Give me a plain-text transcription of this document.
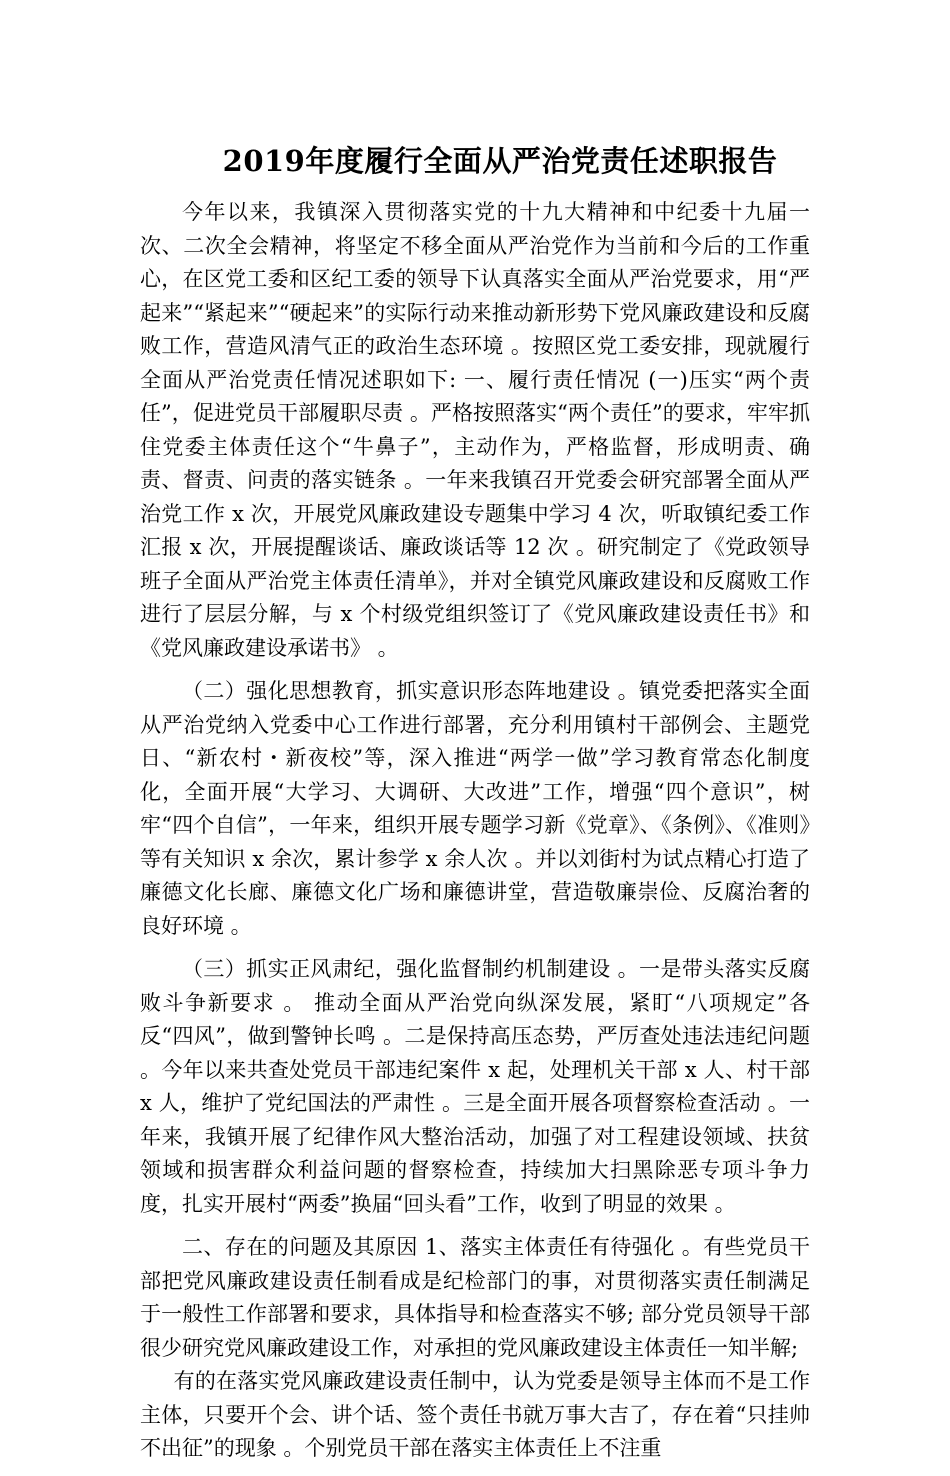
2019年度履行全面从严治党责任述职报告

今年以来，我镇深入贯彻落实党的十九大精神和中纪委十九届一次、二次全会精神，将坚定不移全面从严治党作为当前和今后的工作重心，在区党工委和区纪工委的领导下认真落实全面从严治党要求，用“严起来”“紧起来”“硬起来”的实际行动来推动新形势下党风廉政建设和反腐败工作，营造风清气正的政治生态环境 。按照区党工委安排，现就履行全面从严治党责任情况述职如下: 一、履行责任情况 (一)压实“两个责任”，促进党员干部履职尽责 。严格按照落实“两个责任”的要求，牢牢抓住党委主体责任这个“牛鼻子”，主动作为，严格监督，形成明责、确责、督责、问责的落实链条 。一年来我镇召开党委会研究部署全面从严治党工作 x 次，开展党风廉政建设专题集中学习 4 次，听取镇纪委工作汇报 x 次，开展提醒谈话、廉政谈话等 12 次 。研究制定了《党政领导班子全面从严治党主体责任清单》，并对全镇党风廉政建设和反腐败工作进行了层层分解，与 x 个村级党组织签订了《党风廉政建设责任书》和《党风廉政建设承诺书》 。

（二）强化思想教育，抓实意识形态阵地建设 。镇党委把落实全面从严治党纳入党委中心工作进行部署，充分利用镇村干部例会、主题党日、“新农村・新夜校”等，深入推进“两学一做”学习教育常态化制度化，全面开展“大学习、大调研、大改进”工作，增强“四个意识”，树牢“四个自信”，一年来，组织开展专题学习新《党章》、《条例》、《准则》等有关知识 x 余次，累计参学 x 余人次 。并以刘街村为试点精心打造了廉德文化长廊、廉德文化广场和廉德讲堂，营造敬廉崇俭、反腐治奢的良好环境 。

（三）抓实正风肃纪，强化监督制约机制建设 。一是带头落实反腐败斗争新要求 。 推动全面从严治党向纵深发展，紧盯“八项规定”各反“四风”，做到警钟长鸣 。二是保持高压态势，严厉查处违法违纪问题 。今年以来共查处党员干部违纪案件 x 起，处理机关干部 x 人、村干部 x 人，维护了党纪国法的严肃性 。三是全面开展各项督察检查活动 。一年来，我镇开展了纪律作风大整治活动，加强了对工程建设领域、扶贫领域和损害群众利益问题的督察检查，持续加大扫黑除恶专项斗争力度，扎实开展村“两委”换届“回头看”工作，收到了明显的效果 。

二、存在的问题及其原因 1、落实主体责任有待强化 。有些党员干部把党风廉政建设责任制看成是纪检部门的事，对贯彻落实责任制满足于一般性工作部署和要求，具体指导和检查落实不够; 部分党员领导干部很少研究党风廉政建设工作，对承担的党风廉政建设主体责任一知半解;

有的在落实党风廉政建设责任制中，认为党委是领导主体而不是工作主体，只要开个会、讲个话、签个责任书就万事大吉了，存在着“只挂帅不出征”的现象 。个别党员干部在落实主体责任上不注重
